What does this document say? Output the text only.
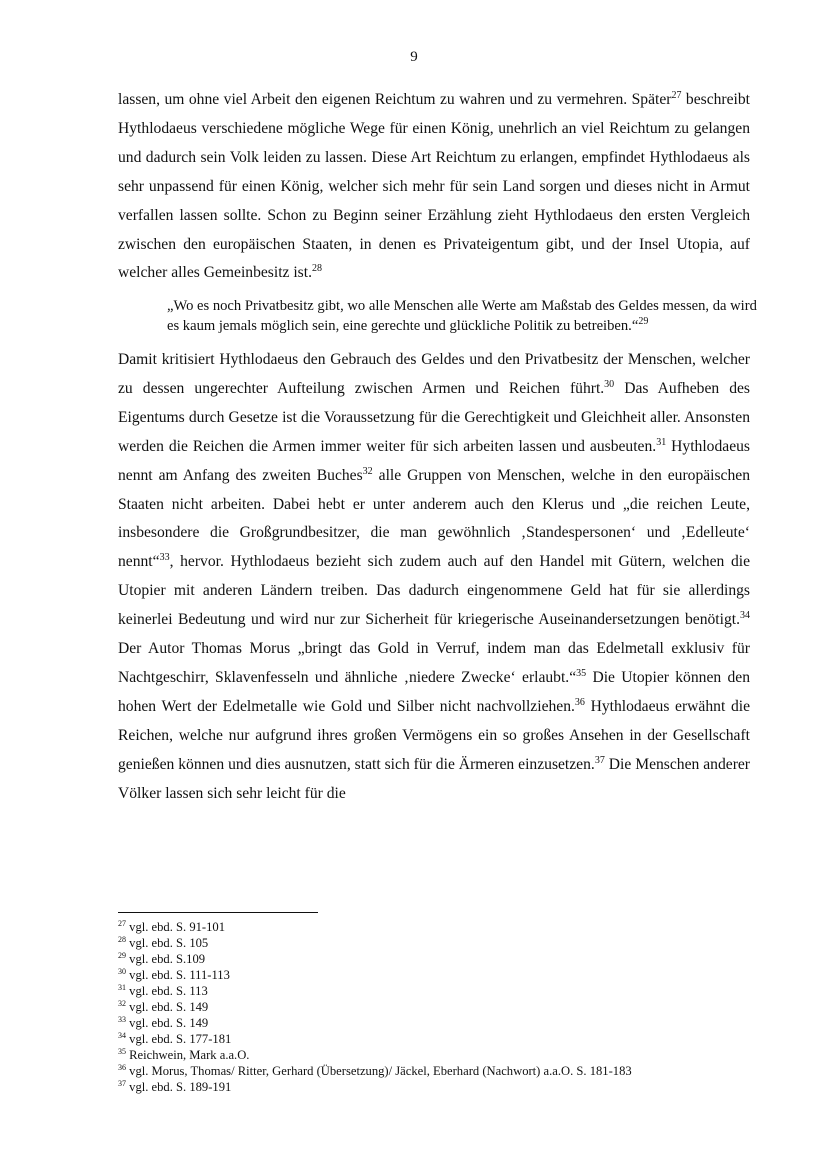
9

lassen, um ohne viel Arbeit den eigenen Reichtum zu wahren und zu vermehren. Später$^{27}$ beschreibt Hythlodaeus verschiedene mögliche Wege für einen König, unehrlich an viel Reichtum zu gelangen und dadurch sein Volk leiden zu lassen. Diese Art Reichtum zu erlangen, empfindet Hythlodaeus als sehr unpassend für einen König, welcher sich mehr für sein Land sorgen und dieses nicht in Armut verfallen lassen sollte. Schon zu Beginn seiner Erzählung zieht Hythlodaeus den ersten Vergleich zwischen den europäischen Staaten, in denen es Privateigentum gibt, und der Insel Utopia, auf welcher alles Gemeinbesitz ist.$^{28}$

„Wo es noch Privatbesitz gibt, wo alle Menschen alle Werte am Maßstab des Geldes messen, da wird es kaum jemals möglich sein, eine gerechte und glückliche Politik zu betreiben.“$^{29}$

Damit kritisiert Hythlodaeus den Gebrauch des Geldes und den Privatbesitz der Menschen, welcher zu dessen ungerechter Aufteilung zwischen Armen und Reichen führt.$^{30}$ Das Aufheben des Eigentums durch Gesetze ist die Voraussetzung für die Gerechtigkeit und Gleichheit aller. Ansonsten werden die Reichen die Armen immer weiter für sich arbeiten lassen und ausbeuten.$^{31}$ Hythlodaeus nennt am Anfang des zweiten Buches$^{32}$ alle Gruppen von Menschen, welche in den europäischen Staaten nicht arbeiten. Dabei hebt er unter anderem auch den Klerus und „die reichen Leute, insbesondere die Großgrundbesitzer, die man gewöhnlich ‚Standespersonen‘ und ‚Edelleute‘ nennt“$^{33}$, hervor. Hythlodaeus bezieht sich zudem auch auf den Handel mit Gütern, welchen die Utopier mit anderen Ländern treiben. Das dadurch eingenommene Geld hat für sie allerdings keinerlei Bedeutung und wird nur zur Sicherheit für kriegerische Auseinandersetzungen benötigt.$^{34}$ Der Autor Thomas Morus „bringt das Gold in Verruf, indem man das Edelmetall exklusiv für Nachtgeschirr, Sklavenfesseln und ähnliche ‚niedere Zwecke‘ erlaubt.“$^{35}$ Die Utopier können den hohen Wert der Edelmetalle wie Gold und Silber nicht nachvollziehen.$^{36}$ Hythlodaeus erwähnt die Reichen, welche nur aufgrund ihres großen Vermögens ein so großes Ansehen in der Gesellschaft genießen können und dies ausnutzen, statt sich für die Ärmeren einzusetzen.$^{37}$ Die Menschen anderer Völker lassen sich sehr leicht für die

$^{27}$ vgl. ebd. S. 91-101
$^{28}$ vgl. ebd. S. 105
$^{29}$ vgl. ebd. S.109
$^{30}$ vgl. ebd. S. 111-113
$^{31}$ vgl. ebd. S. 113
$^{32}$ vgl. ebd. S. 149
$^{33}$ vgl. ebd. S. 149
$^{34}$ vgl. ebd. S. 177-181
$^{35}$ Reichwein, Mark a.a.O.
$^{36}$ vgl. Morus, Thomas/ Ritter, Gerhard (Übersetzung)/ Jäckel, Eberhard (Nachwort) a.a.O. S. 181-183
$^{37}$ vgl. ebd. S. 189-191
